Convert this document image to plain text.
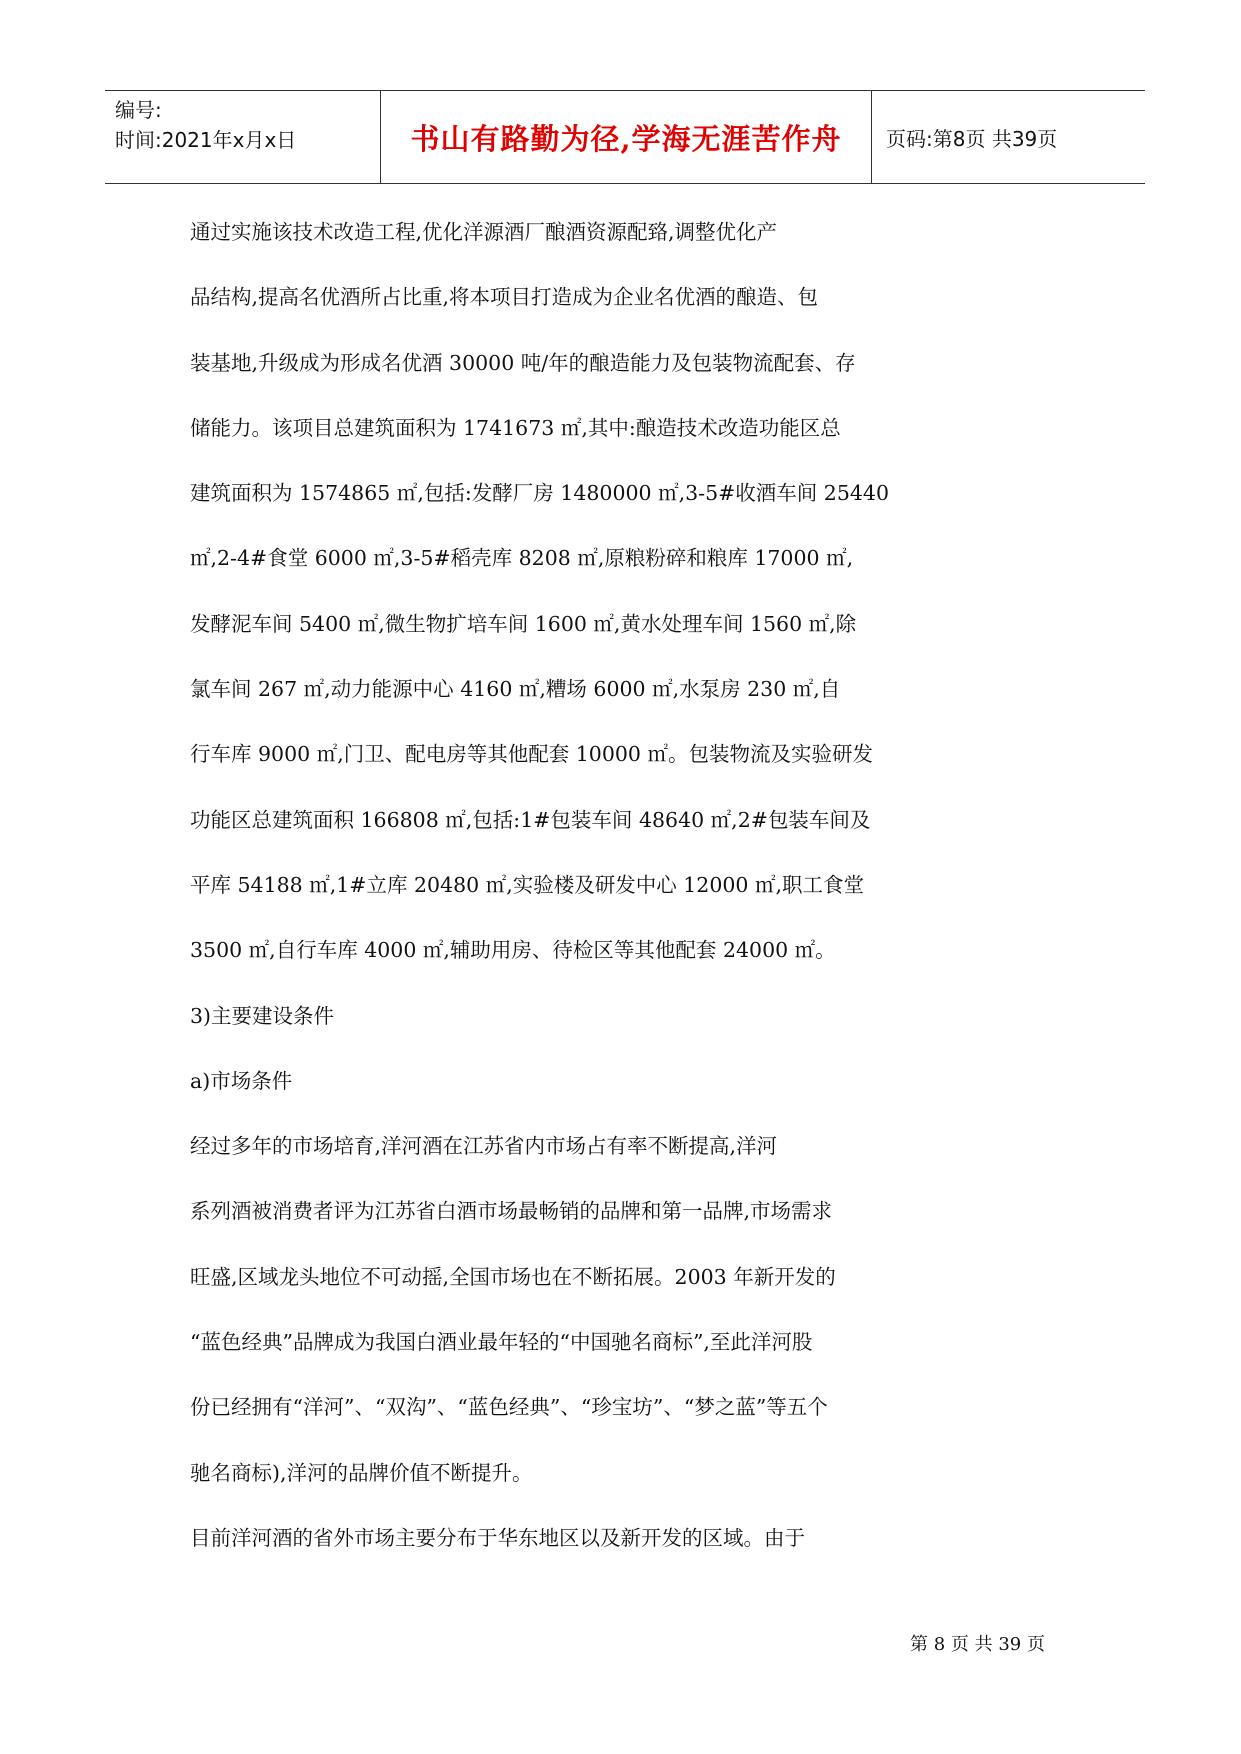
编号:
时间:2021年x月x日	书山有路勤为径,学海无涯苦作舟 页码:第8页 共39页
通过实施该技术改造工程,优化洋源酒厂酿酒资源配臵,调整优化产
品结构,提高名优酒所占比重,将本项目打造成为企业名优酒的酿造、包
装基地,升级成为形成名优酒 30000 吨/年的酿造能力及包装物流配套、存
储能力。该项目总建筑面积为 1741673 ㎡,其中:酿造技术改造功能区总
建筑面积为 1574865 ㎡,包括:发酵厂房 1480000 ㎡,3-5#收酒车间 25440
㎡,2-4#食堂 6000 ㎡,3-5#稻壳库 8208 ㎡,原粮粉碎和粮库 17000 ㎡,
发酵泥车间 5400 ㎡,微生物扩培车间 1600 ㎡,黄水处理车间 1560 ㎡,除
氯车间 267 ㎡,动力能源中心 4160 ㎡,糟场 6000 ㎡,水泵房 230 ㎡,自
行车库 9000 ㎡,门卫、配电房等其他配套 10000 ㎡。包装物流及实验研发
功能区总建筑面积 166808 ㎡,包括:1#包装车间 48640 ㎡,2#包装车间及
平库 54188 ㎡,1#立库 20480 ㎡,实验楼及研发中心 12000 ㎡,职工食堂
3500 ㎡,自行车库 4000 ㎡,辅助用房、待检区等其他配套 24000 ㎡。
3)主要建设条件
a)市场条件
经过多年的市场培育,洋河酒在江苏省内市场占有率不断提高,洋河
系列酒被消费者评为江苏省白酒市场最畅销的品牌和第一品牌,市场需求
旺盛,区域龙头地位不可动摇,全国市场也在不断拓展。2003 年新开发的
“蓝色经典”品牌成为我国白酒业最年轻的“中国驰名商标”,至此洋河股
份已经拥有“洋河”、“双沟”、“蓝色经典”、“珍宝坊”、“梦之蓝”等五个
驰名商标),洋河的品牌价值不断提升。
目前洋河酒的省外市场主要分布于华东地区以及新开发的区域。由于
第 8 页 共 39 页
